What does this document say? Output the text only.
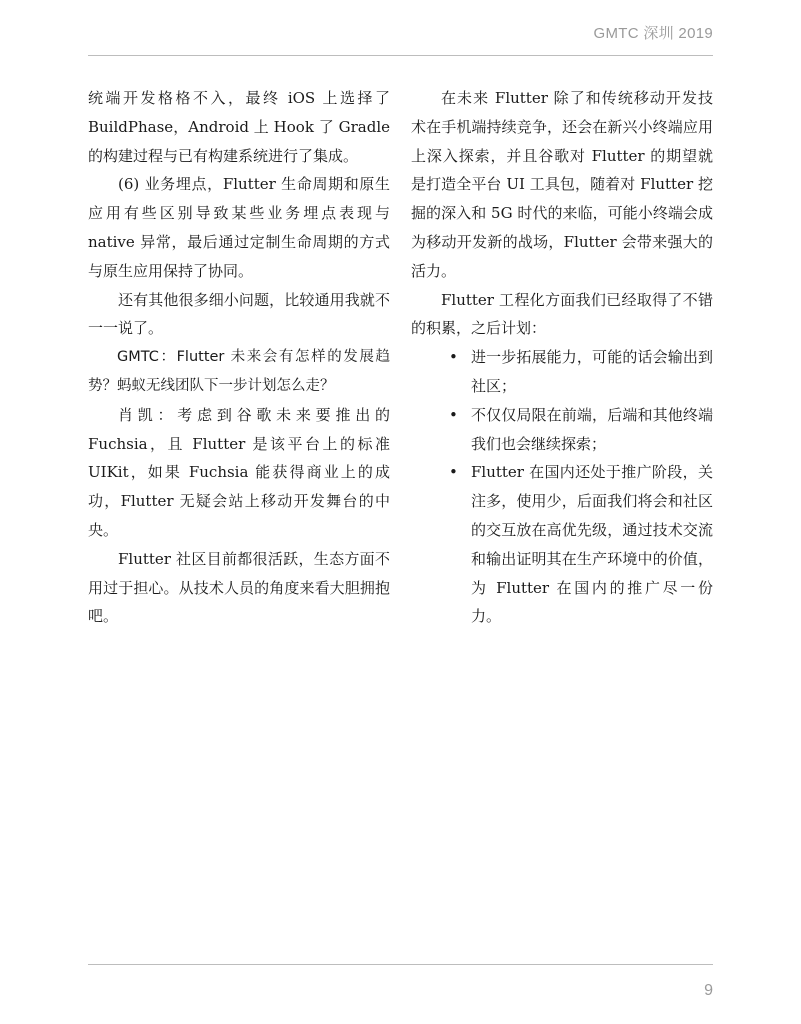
GMTC 深圳 2019

统端开发格格不入，最终 iOS 上选择了 BuildPhase，Android 上 Hook 了 Gradle 的构建过程与已有构建系统进行了集成。

(6) 业务埋点，Flutter 生命周期和原生应用有些区别导致某些业务埋点表现与 native 异常，最后通过定制生命周期的方式与原生应用保持了协同。

还有其他很多细小问题，比较通用我就不一一说了。

GMTC：Flutter 未来会有怎样的发展趋势？蚂蚁无线团队下一步计划怎么走？

肖凯：考虑到谷歌未来要推出的 Fuchsia，且 Flutter 是该平台上的标准 UIKit，如果 Fuchsia 能获得商业上的成功，Flutter 无疑会站上移动开发舞台的中央。

Flutter 社区目前都很活跃，生态方面不用过于担心。从技术人员的角度来看大胆拥抱吧。

在未来 Flutter 除了和传统移动开发技术在手机端持续竞争，还会在新兴小终端应用上深入探索，并且谷歌对 Flutter 的期望就是打造全平台 UI 工具包，随着对 Flutter 挖掘的深入和 5G 时代的来临，可能小终端会成为移动开发新的战场，Flutter 会带来强大的活力。

Flutter 工程化方面我们已经取得了不错的积累，之后计划：

• 进一步拓展能力，可能的话会输出到社区；
• 不仅仅局限在前端，后端和其他终端我们也会继续探索；
• Flutter 在国内还处于推广阶段，关注多，使用少，后面我们将会和社区的交互放在高优先级，通过技术交流和输出证明其在生产环境中的价值，为 Flutter 在国内的推广尽一份力。
9
